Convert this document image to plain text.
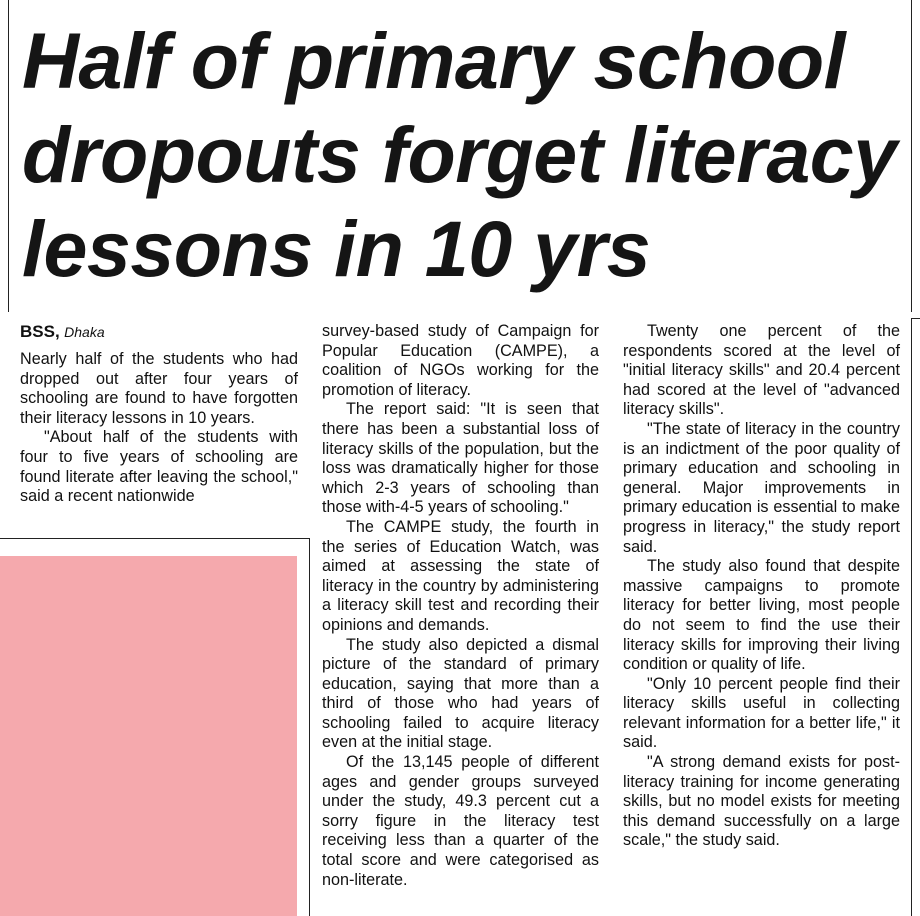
Half of primary school dropouts forget literacy lessons in 10 yrs
BSS, Dhaka

Nearly half of the students who had dropped out after four years of schooling are found to have forgotten their literacy lessons in 10 years.

"About half of the students with four to five years of schooling are found literate after leaving the school," said a recent nationwide

survey-based study of Campaign for Popular Education (CAMPE), a coalition of NGOs working for the promotion of literacy.

The report said: "It is seen that there has been a substantial loss of literacy skills of the population, but the loss was dramatically higher for those which 2-3 years of schooling than those with-4-5 years of schooling."

The CAMPE study, the fourth in the series of Education Watch, was aimed at assessing the state of literacy in the country by administering a literacy skill test and recording their opinions and demands.

The study also depicted a dismal picture of the standard of primary education, saying that more than a third of those who had years of schooling failed to acquire literacy even at the initial stage.

Of the 13,145 people of different ages and gender groups surveyed under the study, 49.3 percent cut a sorry figure in the literacy test receiving less than a quarter of the total score and were categorised as non-literate.

Twenty one percent of the respondents scored at the level of "initial literacy skills" and 20.4 percent had scored at the level of "advanced literacy skills".

"The state of literacy in the country is an indictment of the poor quality of primary education and schooling in general. Major improvements in primary education is essential to make progress in literacy," the study report said.

The study also found that despite massive campaigns to promote literacy for better living, most people do not seem to find the use their literacy skills for improving their living condition or quality of life.

"Only 10 percent people find their literacy skills useful in collecting relevant information for a better life," it said.

"A strong demand exists for post-literacy training for income generating skills, but no model exists for meeting this demand successfully on a large scale," the study said.
